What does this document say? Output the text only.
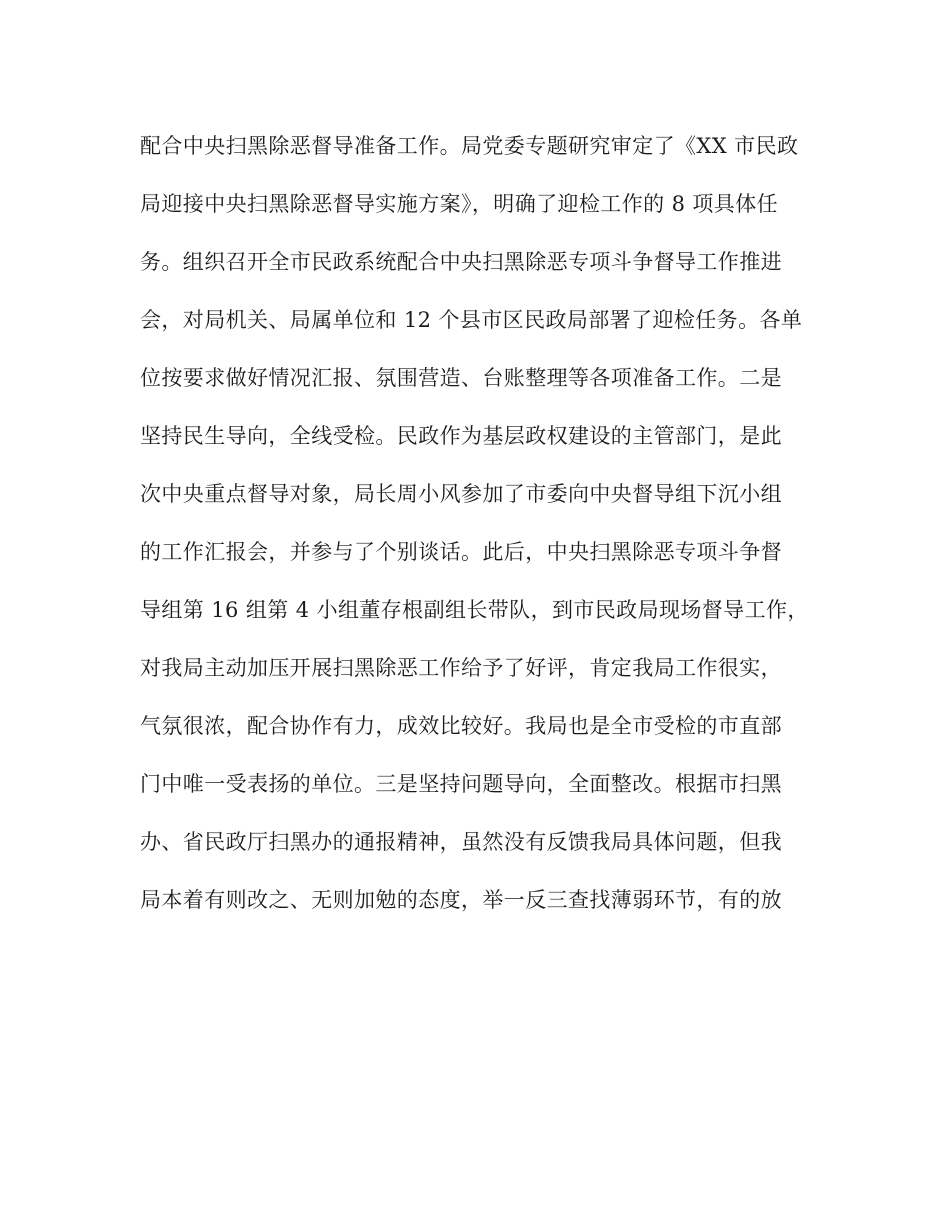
配合中央扫黑除恶督导准备工作。局党委专题研究审定了《XX 市民政
局迎接中央扫黑除恶督导实施方案》，明确了迎检工作的 8 项具体任
务。组织召开全市民政系统配合中央扫黑除恶专项斗争督导工作推进
会，对局机关、局属单位和 12 个县市区民政局部署了迎检任务。各单
位按要求做好情况汇报、氛围营造、台账整理等各项准备工作。二是
坚持民生导向，全线受检。民政作为基层政权建设的主管部门，是此
次中央重点督导对象，局长周小风参加了市委向中央督导组下沉小组
的工作汇报会，并参与了个别谈话。此后，中央扫黑除恶专项斗争督
导组第 16 组第 4 小组董存根副组长带队，到市民政局现场督导工作，
对我局主动加压开展扫黑除恶工作给予了好评，肯定我局工作很实，
气氛很浓，配合协作有力，成效比较好。我局也是全市受检的市直部
门中唯一受表扬的单位。三是坚持问题导向，全面整改。根据市扫黑
办、省民政厅扫黑办的通报精神，虽然没有反馈我局具体问题，但我
局本着有则改之、无则加勉的态度，举一反三查找薄弱环节，有的放
